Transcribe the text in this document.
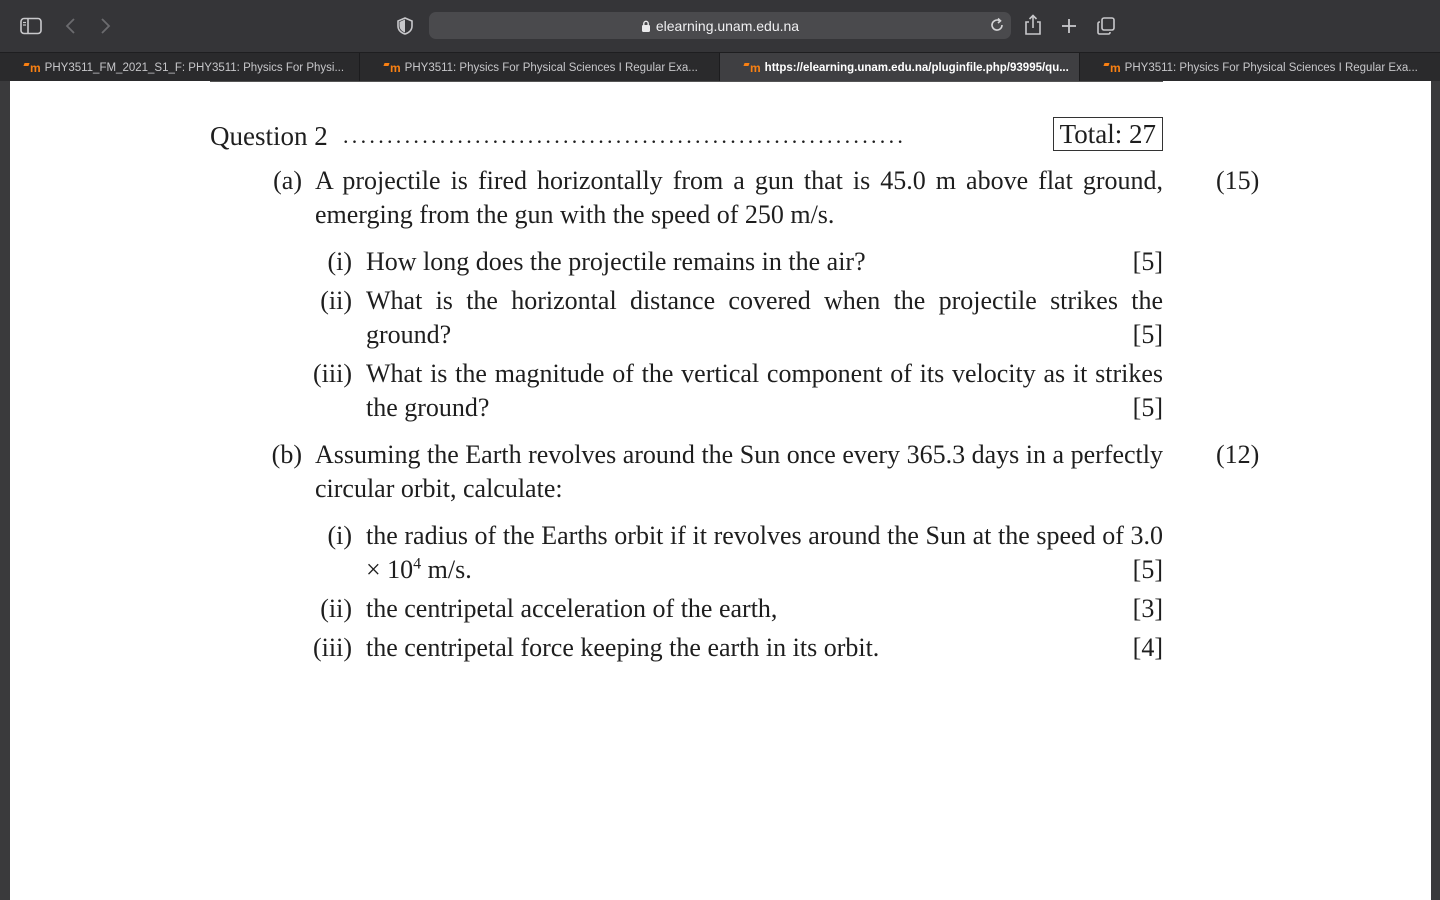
elearning.unam.edu.na
m PHY3511_FM_2021_S1_F: PHY3511: Physics For Physi...	m PHY3511: Physics For Physical Sciences I Regular Exa...	m https://elearning.unam.edu.na/pluginfile.php/93995/qu...	m PHY3511: Physics For Physical Sciences I Regular Exa...
Question 2 ................................................................	Total: 27
(a) A projectile is fired horizontally from a gun that is 45.0 m above flat ground, emerging from the gun with the speed of 250 m/s.
(15)
(i) How long does the projectile remains in the air?	[5]
(ii) What is the horizontal distance covered when the projectile strikes the ground?	[5]
(iii) What is the magnitude of the vertical component of its velocity as it strikes the ground?	[5]
(b) Assuming the Earth revolves around the Sun once every 365.3 days in a perfectly circular orbit, calculate:
(12)
(i) the radius of the Earths orbit if it revolves around the Sun at the speed of $3.0 \times 10^4$ m/s.	[5]
(ii) the centripetal acceleration of the earth,	[3]
(iii) the centripetal force keeping the earth in its orbit.	[4]
